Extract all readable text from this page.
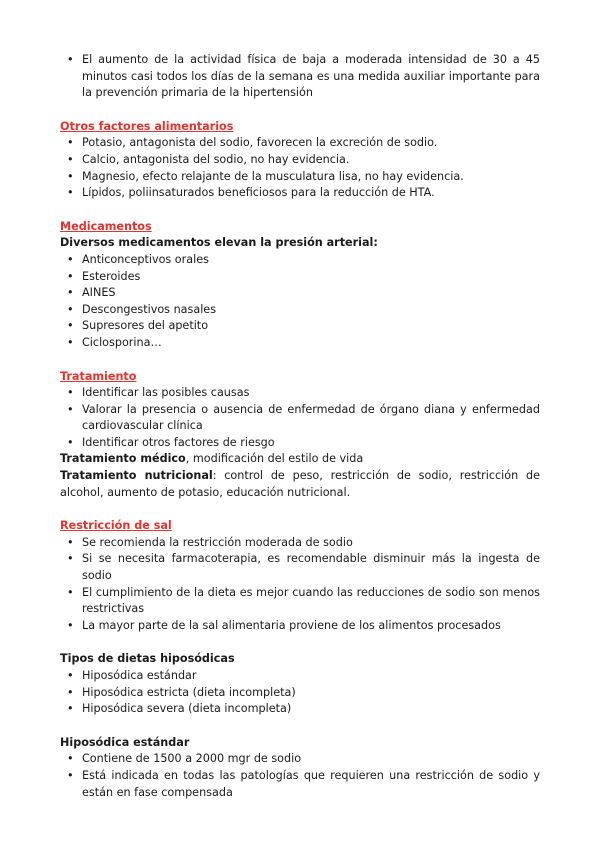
• El aumento de la actividad física de baja a moderada intensidad de 30 a 45 minutos casi todos los días de la semana es una medida auxiliar importante para la prevención primaria de la hipertensión
Otros factores alimentarios
• Potasio, antagonista del sodio, favorecen la excreción de sodio.
• Calcio, antagonista del sodio, no hay evidencia.
• Magnesio, efecto relajante de la musculatura lisa, no hay evidencia.
• Lípidos, poliinsaturados beneficiosos para la reducción de HTA.
Medicamentos
Diversos medicamentos elevan la presión arterial:
• Anticonceptivos orales
• Esteroides
• AINES
• Descongestivos nasales
• Supresores del apetito
• Ciclosporina…
Tratamiento
• Identificar las posibles causas
• Valorar la presencia o ausencia de enfermedad de órgano diana y enfermedad cardiovascular clínica
• Identificar otros factores de riesgo

Tratamiento médico, modificación del estilo de vida

Tratamiento nutricional: control de peso, restricción de sodio, restricción de alcohol, aumento de potasio, educación nutricional.

Restricción de sal
• Se recomienda la restricción moderada de sodio
• Si se necesita farmacoterapia, es recomendable disminuir más la ingesta de sodio
• El cumplimiento de la dieta es mejor cuando las reducciones de sodio son menos restrictivas
• La mayor parte de la sal alimentaria proviene de los alimentos procesados
Tipos de dietas hiposódicas
• Hiposódica estándar
• Hiposódica estricta (dieta incompleta)
• Hiposódica severa (dieta incompleta)
Hiposódica estándar
• Contiene de 1500 a 2000 mgr de sodio
• Está indicada en todas las patologías que requieren una restricción de sodio y están en fase compensada
